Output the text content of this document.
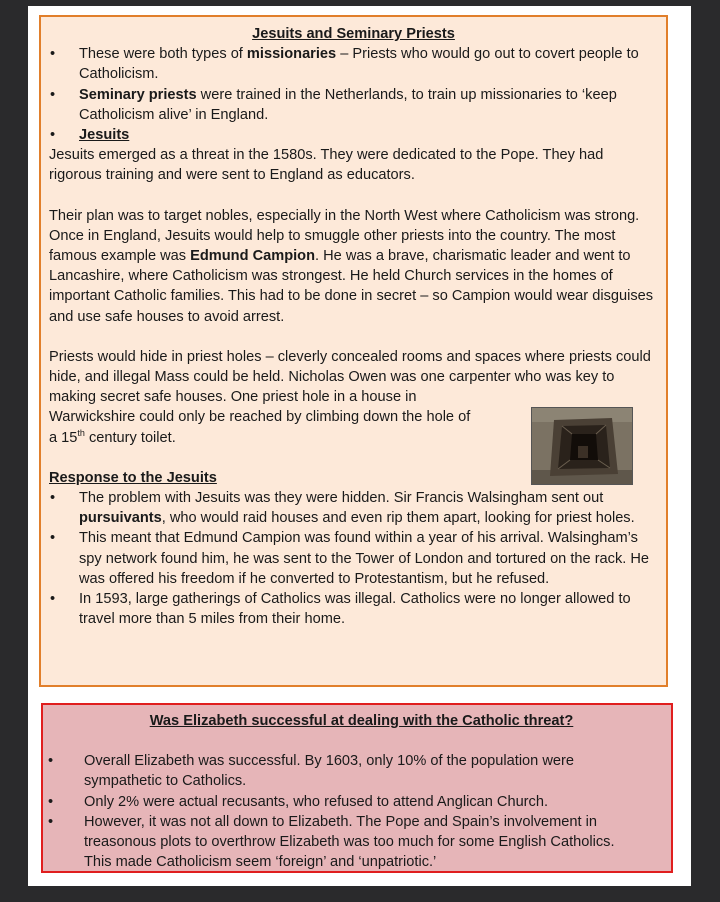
Jesuits and Seminary Priests
•	These were both types of missionaries – Priests who would go out to covert people to Catholicism.
•	Seminary priests were trained in the Netherlands, to train up missionaries to ‘keep Catholicism alive’ in England.
•	Jesuits

Jesuits emerged as a threat in the 1580s. They were dedicated to the Pope. They had rigorous training and were sent to England as educators.

Their plan was to target nobles, especially in the North West where Catholicism was strong. Once in England, Jesuits would help to smuggle other priests into the country. The most famous example was Edmund Campion. He was a brave, charismatic leader and went to Lancashire, where Catholicism was strongest. He held Church services in the homes of important Catholic families. This had to be done in secret – so Campion would wear disguises and use safe houses to avoid arrest.

Priests would hide in priest holes – cleverly concealed rooms and spaces where priests could hide, and illegal Mass could be held. Nicholas Owen was one carpenter who was key to making secret safe houses. One priest hole in a house in

Warwickshire could only be reached by climbing down the hole of

a 15th century toilet.

Response to the Jesuits
•	The problem with Jesuits was they were hidden. Sir Francis Walsingham sent out pursuivants, who would raid houses and even rip them apart, looking for priest holes.
•	This meant that Edmund Campion was found within a year of his arrival. Walsingham’s spy network found him, he was sent to the Tower of London and tortured on the rack. He was offered his freedom if he converted to Protestantism, but he refused.
•	In 1593, large gatherings of Catholics was illegal. Catholics were no longer allowed to travel more than 5 miles from their home.
Was Elizabeth successful at dealing with the Catholic threat?
•	Overall Elizabeth was successful. By 1603, only 10% of the population were sympathetic to Catholics.
•	Only 2% were actual recusants, who refused to attend Anglican Church.
•	However, it was not all down to Elizabeth. The Pope and Spain’s involvement in treasonous plots to overthrow Elizabeth was too much for some English Catholics. This made Catholicism seem ‘foreign’ and ‘unpatriotic.’
